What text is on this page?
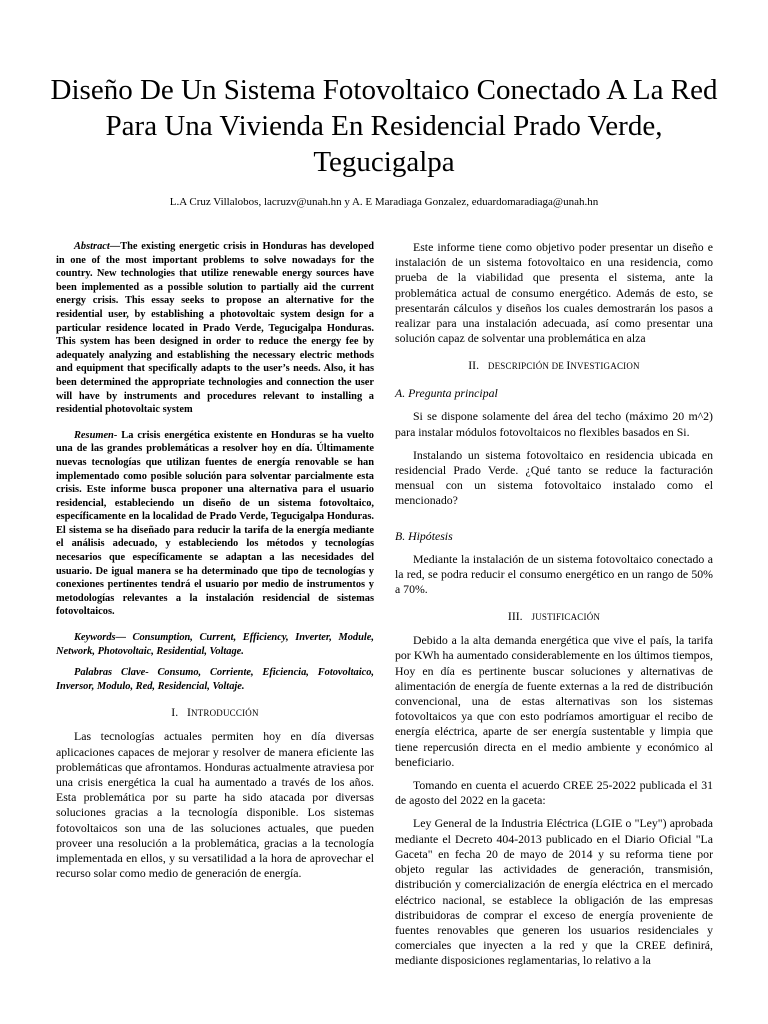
Diseño De Un Sistema Fotovoltaico Conectado A La Red Para Una Vivienda En Residencial Prado Verde, Tegucigalpa
L.A Cruz Villalobos, lacruzv@unah.hn y A. E Maradiaga Gonzalez, eduardomaradiaga@unah.hn

Abstract—The existing energetic crisis in Honduras has developed in one of the most important problems to solve nowadays for the country. New technologies that utilize renewable energy sources have been implemented as a possible solution to partially aid the current energy crisis. This essay seeks to propose an alternative for the residential user, by establishing a photovoltaic system design for a particular residence located in Prado Verde, Tegucigalpa Honduras. This system has been designed in order to reduce the energy fee by adequately analyzing and establishing the necessary electric methods and equipment that specifically adapts to the user’s needs. Also, it has been determined the appropriate technologies and connection the user will have by instruments and procedures relevant to installing a residential photovoltaic system

Resumen- La crisis energética existente en Honduras se ha vuelto una de las grandes problemáticas a resolver hoy en día. Últimamente nuevas tecnologías que utilizan fuentes de energía renovable se han implementado como posible solución para solventar parcialmente esta crisis. Este informe busca proponer una alternativa para el usuario residencial, estableciendo un diseño de un sistema fotovoltaico, específicamente en la localidad de Prado Verde, Tegucigalpa Honduras. El sistema se ha diseñado para reducir la tarifa de la energía mediante el análisis adecuado, y estableciendo los métodos y tecnologías necesarios que específicamente se adaptan a las necesidades del usuario. De igual manera se ha determinado que tipo de tecnologías y conexiones pertinentes tendrá el usuario por medio de instrumentos y metodologías relevantes a la instalación residencial de sistemas fotovoltaicos.

Keywords— Consumption, Current, Efficiency, Inverter, Module, Network, Photovoltaic, Residential, Voltage.

Palabras Clave- Consumo, Corriente, Eficiencia, Fotovoltaico, Inversor, Modulo, Red, Residencial, Voltaje.

I. INTRODUCCIÓN

Las tecnologías actuales permiten hoy en día diversas aplicaciones capaces de mejorar y resolver de manera eficiente las problemáticas que afrontamos. Honduras actualmente atraviesa por una crisis energética la cual ha aumentado a través de los años. Esta problemática por su parte ha sido atacada por diversas soluciones gracias a la tecnología disponible. Los sistemas fotovoltaicos son una de las soluciones actuales, que pueden proveer una resolución a la problemática, gracias a la tecnología implementada en ellos, y su versatilidad a la hora de aprovechar el recurso solar como medio de generación de energía.

Este informe tiene como objetivo poder presentar un diseño e instalación de un sistema fotovoltaico en una residencia, como prueba de la viabilidad que presenta el sistema, ante la problemática actual de consumo energético. Además de esto, se presentarán cálculos y diseños los cuales demostrarán los pasos a realizar para una instalación adecuada, así como presentar una solución capaz de solventar una problemática en alza

II. DESCRIPCIÓN DE INVESTIGACION
A. Pregunta principal

Si se dispone solamente del área del techo (máximo 20 m^2) para instalar módulos fotovoltaicos no flexibles basados en Si.

Instalando un sistema fotovoltaico en residencia ubicada en residencial Prado Verde. ¿Qué tanto se reduce la facturación mensual con un sistema fotovoltaico instalado como el mencionado?

B. Hipótesis

Mediante la instalación de un sistema fotovoltaico conectado a la red, se podra reducir el consumo energético en un rango de 50% a 70%.

III. JUSTIFICACIÓN

Debido a la alta demanda energética que vive el país, la tarifa por KWh ha aumentado considerablemente en los últimos tiempos, Hoy en día es pertinente buscar soluciones y alternativas de alimentación de energía de fuente externas a la red de distribución convencional, una de estas alternativas son los sistemas fotovoltaicos ya que con esto podríamos amortiguar el recibo de energía eléctrica, aparte de ser energía sustentable y limpia que tiene repercusión directa en el medio ambiente y económico al beneficiario.

Tomando en cuenta el acuerdo CREE 25-2022 publicada el 31 de agosto del 2022 en la gaceta:

Ley General de la Industria Eléctrica (LGIE o "Ley") aprobada mediante el Decreto 404-2013 publicado en el Diario Oficial "La Gaceta" en fecha 20 de mayo de 2014 y su reforma tiene por objeto regular las actividades de generación, transmisión, distribución y comercialización de energía eléctrica en el mercado eléctrico nacional, se establece la obligación de las empresas distribuidoras de comprar el exceso de energía proveniente de fuentes renovables que generen los usuarios residenciales y comerciales que inyecten a la red y que la CREE definirá, mediante disposiciones reglamentarias, lo relativo a la
